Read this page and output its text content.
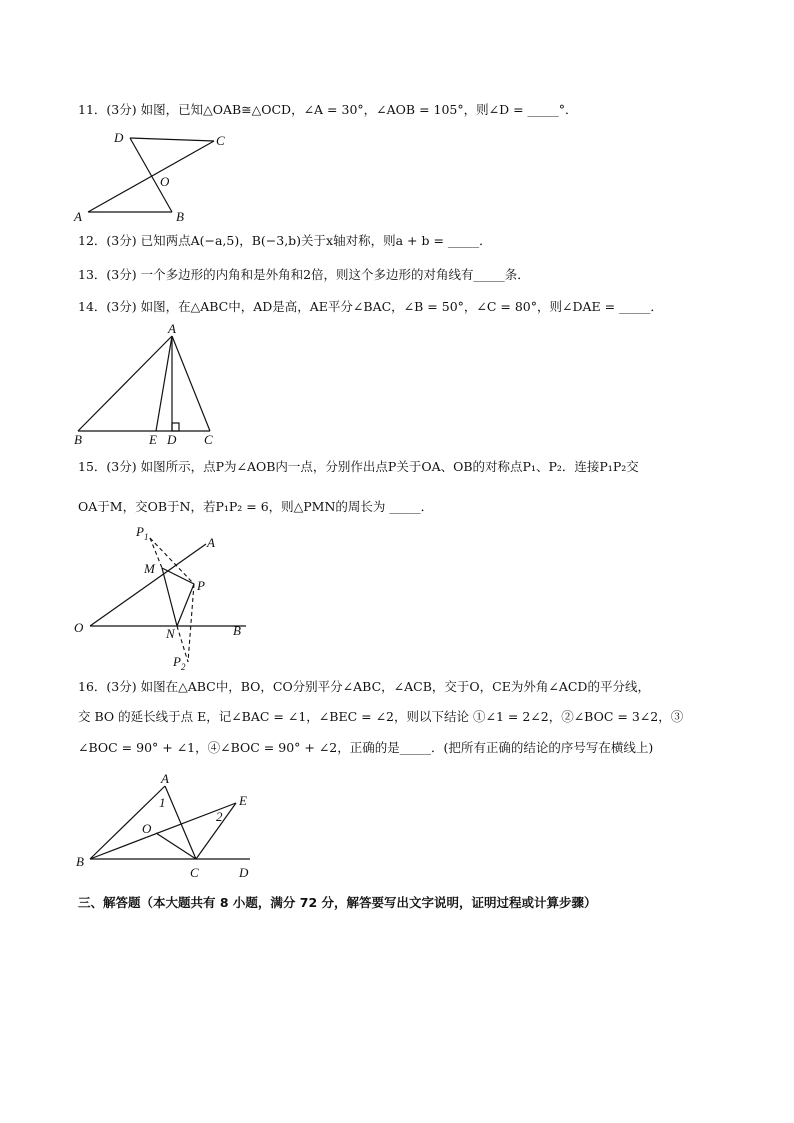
11．(3分) 如图，已知△OAB≅△OCD，∠A = 30°，∠AOB = 105°，则∠D = _____°．
D	C
O
A	B
12．(3分) 已知两点A(−a,5)，B(−3,b)关于x轴对称，则a + b = _____．
13．(3分) 一个多边形的内角和是外角和2倍，则这个多边形的对角线有_____条．
14．(3分) 如图，在△ABC中，AD是高，AE平分∠BAC，∠B = 50°，∠C = 80°，则∠DAE = _____．
A
B	E D C
15．(3分) 如图所示，点P为∠AOB内一点，分别作出点P关于OA、OB的对称点P₁、P₂．连接P₁P₂交
OA于M，交OB于N，若P₁P₂ = 6，则△PMN的周长为 _____．
$P_1$	A
M
P
O	N	B
$P_2$
16．(3分) 如图在△ABC中，BO，CO分别平分∠ABC，∠ACB，交于O，CE为外角∠ACD的平分线，
交 BO 的延长线于点 E，记∠BAC = ∠1，∠BEC = ∠2，则以下结论 ①∠1 = 2∠2，②∠BOC = 3∠2，③
∠BOC = 90° + ∠1，④∠BOC = 90° + ∠2，正确的是_____．(把所有正确的结论的序号写在横线上)
A
E
1
2
O
B
C	D
三、解答题（本大题共有 8 小题，满分 72 分，解答要写出文字说明，证明过程或计算步骤）
